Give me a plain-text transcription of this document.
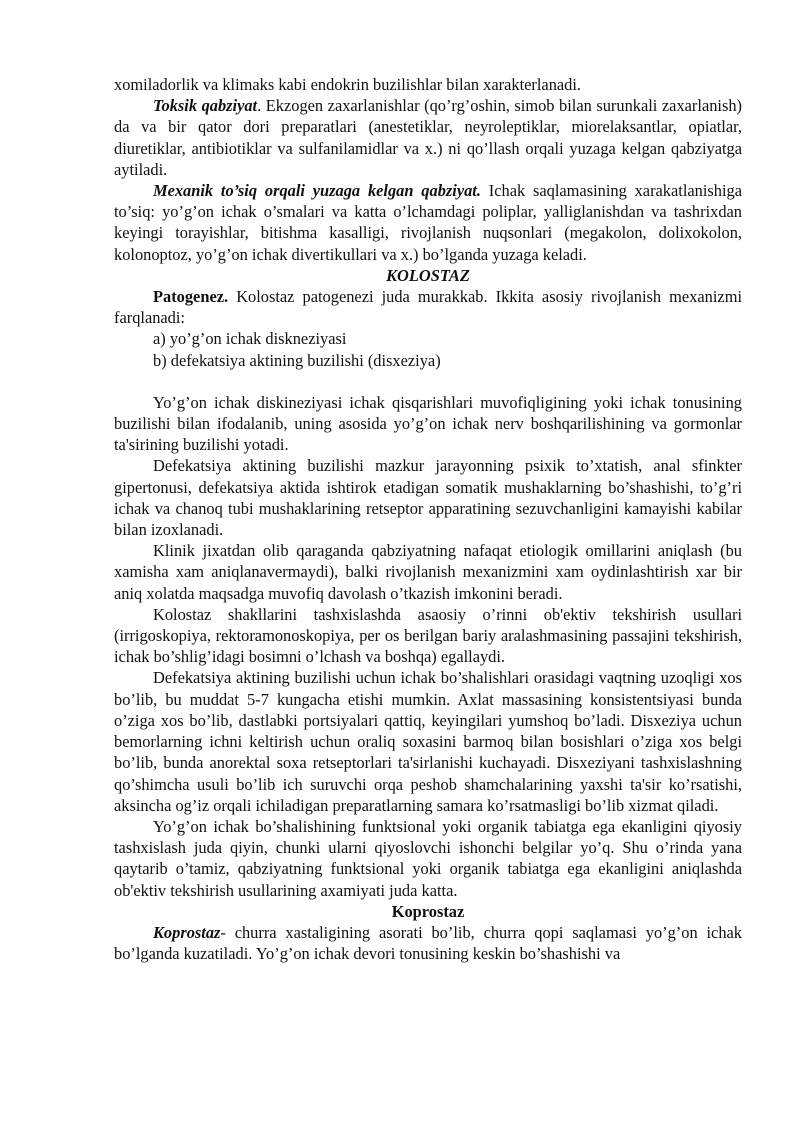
xomiladorlik va klimaks kabi endokrin buzilishlar bilan xarakterlanadi.

Toksik qabziyat. Ekzogen zaxarlanishlar (qo’rg’oshin, simob bilan surunkali zaxarlanish) da va bir qator dori preparatlari (anestetiklar, neyroleptiklar, miorelaksantlar, opiatlar, diuretiklar, antibiotiklar va sulfanilamidlar va x.) ni qo’llash orqali yuzaga kelgan qabziyatga aytiladi.

Mexanik to’siq orqali yuzaga kelgan qabziyat. Ichak saqlamasining xarakatlanishiga to’siq: yo’g’on ichak o’smalari va katta o’lchamdagi poliplar, yalliglanishdan va tashrixdan keyingi torayishlar, bitishma kasalligi, rivojlanish nuqsonlari (megakolon, dolixokolon, kolonoptoz, yo’g’on ichak divertikullari va x.) bo’lganda yuzaga keladi.

KOLOSTAZ

Patogenez. Kolostaz patogenezi juda murakkab. Ikkita asosiy rivojlanish mexanizmi farqlanadi:

a) yo’g’on ichak diskneziyasi

b) defekatsiya aktining buzilishi (disxeziya)

Yo’g’on ichak diskineziyasi ichak qisqarishlari muvofiqligining yoki ichak tonusining buzilishi bilan ifodalanib, uning asosida yo’g’on ichak nerv boshqarilishining va gormonlar ta'sirining buzilishi yotadi.

Defekatsiya aktining buzilishi mazkur jarayonning psixik to’xtatish, anal sfinkter gipertonusi, defekatsiya aktida ishtirok etadigan somatik mushaklarning bo’shashishi, to’g’ri ichak va chanoq tubi mushaklarining retseptor apparatining sezuvchanligini kamayishi kabilar bilan izoxlanadi.

Klinik jixatdan olib qaraganda qabziyatning nafaqat etiologik omillarini aniqlash (bu xamisha xam aniqlanavermaydi), balki rivojlanish mexanizmini xam oydinlashtirish xar bir aniq xolatda maqsadga muvofiq davolash o’tkazish imkonini beradi.

Kolostaz shakllarini tashxislashda asaosiy o’rinni ob'ektiv tekshirish usullari (irrigoskopiya, rektoramonoskopiya, per os berilgan bariy aralashmasining passajini tekshirish, ichak bo’shlig’idagi bosimni o’lchash va boshqa) egallaydi.

Defekatsiya aktining buzilishi uchun ichak bo’shalishlari orasidagi vaqtning uzoqligi xos bo’lib, bu muddat 5-7 kungacha etishi mumkin. Axlat massasining konsistentsiyasi bunda o’ziga xos bo’lib, dastlabki portsiyalari qattiq, keyingilari yumshoq bo’ladi. Disxeziya uchun bemorlarning ichni keltirish uchun oraliq soxasini barmoq bilan bosishlari o’ziga xos belgi bo’lib, bunda anorektal soxa retseptorlari ta'sirlanishi kuchayadi. Disxeziyani tashxislashning qo’shimcha usuli bo’lib ich suruvchi orqa peshob shamchalarining yaxshi ta'sir ko’rsatishi, aksincha og’iz orqali ichiladigan preparatlarning samara ko’rsatmasligi bo’lib xizmat qiladi.

Yo’g’on ichak bo’shalishining funktsional yoki organik tabiatga ega ekanligini qiyosiy tashxislash juda qiyin, chunki ularni qiyoslovchi ishonchi belgilar yo’q. Shu o’rinda yana qaytarib o’tamiz, qabziyatning funktsional yoki organik tabiatga ega ekanligini aniqlashda ob'ektiv tekshirish usullarining axamiyati juda katta.

Koprostaz

Koprostaz- churra xastaligining asorati bo’lib, churra qopi saqlamasi yo’g’on ichak bo’lganda kuzatiladi. Yo’g’on ichak devori tonusining keskin bo’shashishi va
